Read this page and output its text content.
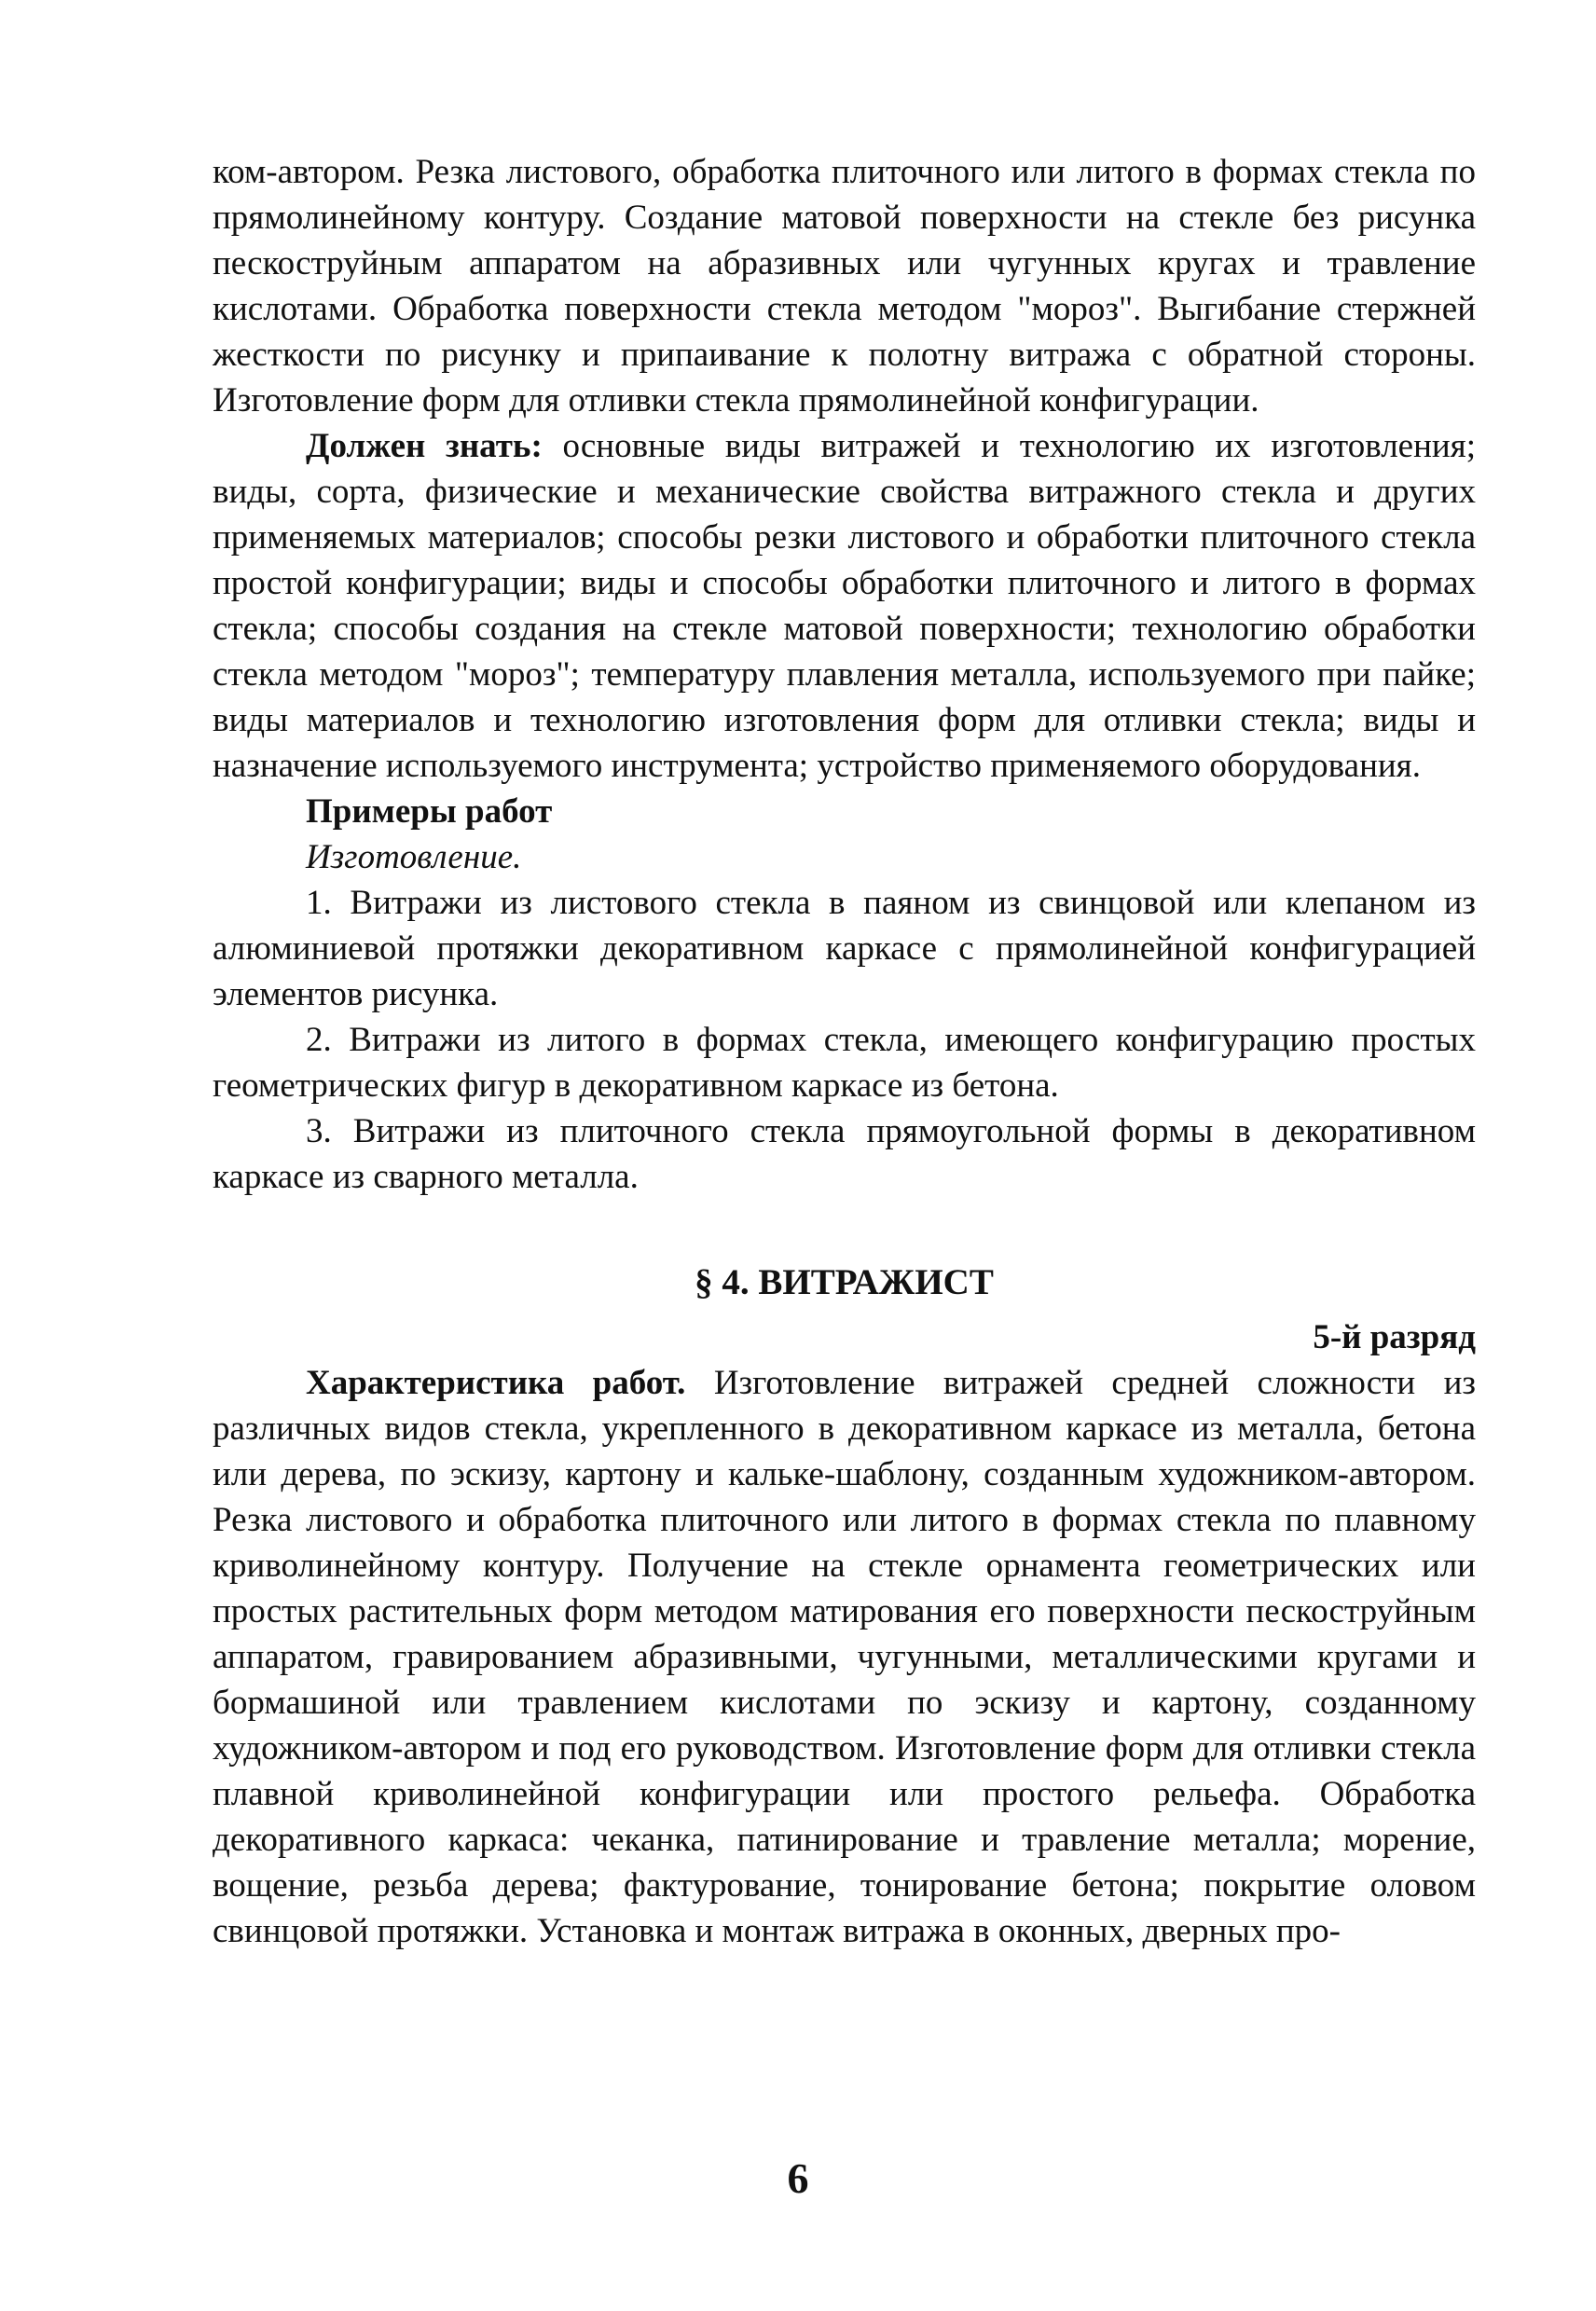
ком-автором. Резка листового, обработка плиточного или литого в формах стекла по прямолинейному контуру. Создание матовой поверхности на стекле без рисунка пескоструйным аппаратом на абразивных или чугунных кругах и травление кислотами. Обработка поверхности стекла методом "мороз". Выгибание стержней жесткости по рисунку и припаивание к полотну витража с обратной стороны. Изготовление форм для отливки стекла прямолинейной конфигурации.

Должен знать: основные виды витражей и технологию их изготовления; виды, сорта, физические и механические свойства витражного стекла и других применяемых материалов; способы резки листового и обработки плиточного стекла простой конфигурации; виды и способы обработки плиточного и литого в формах стекла; способы создания на стекле матовой поверхности; технологию обработки стекла методом "мороз"; температуру плавления металла, используемого при пайке; виды материалов и технологию изготовления форм для отливки стекла; виды и назначение используемого инструмента; устройство применяемого оборудования.

Примеры работ

Изготовление.

1. Витражи из листового стекла в паяном из свинцовой или клепаном из алюминиевой протяжки декоративном каркасе с прямолинейной конфигурацией элементов рисунка.

2. Витражи из литого в формах стекла, имеющего конфигурацию простых геометрических фигур в декоративном каркасе из бетона.

3. Витражи из плиточного стекла прямоугольной формы в декоративном каркасе из сварного металла.

§ 4. ВИТРАЖИСТ

5-й разряд

Характеристика работ. Изготовление витражей средней сложности из различных видов стекла, укрепленного в декоративном каркасе из металла, бетона или дерева, по эскизу, картону и кальке-шаблону, созданным художником-автором. Резка листового и обработка плиточного или литого в формах стекла по плавному криволинейному контуру. Получение на стекле орнамента геометрических или простых растительных форм методом матирования его поверхности пескоструйным аппаратом, гравированием абразивными, чугунными, металлическими кругами и бормашиной или травлением кислотами по эскизу и картону, созданному художником-автором и под его руководством. Изготовление форм для отливки стекла плавной криволинейной конфигурации или простого рельефа. Обработка декоративного каркаса: чеканка, патинирование и травление металла; морение, вощение, резьба дерева; фактурование, тонирование бетона; покрытие оловом свинцовой протяжки. Установка и монтаж витража в оконных, дверных про-

6
